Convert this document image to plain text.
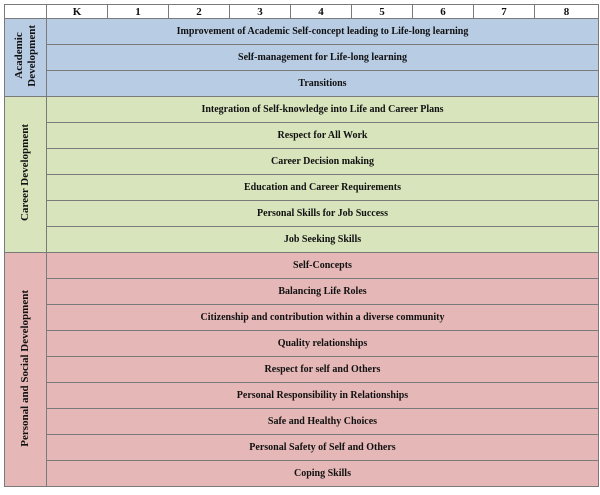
	K	1	2	3	4	5	6	7	8
Academic
Development	Improvement of Academic Self-concept leading to Life-long learning								
	Self-management for Life-long learning								
	Transitions								
Career Development	Integration of Self-knowledge into Life and Career Plans								
	Respect for All Work								
	Career Decision making								
	Education and Career Requirements								
	Personal Skills for Job Success								
	Job Seeking Skills								
Personal and Social Development	Self-Concepts								
	Balancing Life Roles								
	Citizenship and contribution within a diverse community								
	Quality relationships								
	Respect for self and Others								
	Personal Responsibility in Relationships								
	Safe and Healthy Choices								
	Personal Safety of Self and Others								
	Coping Skills								
